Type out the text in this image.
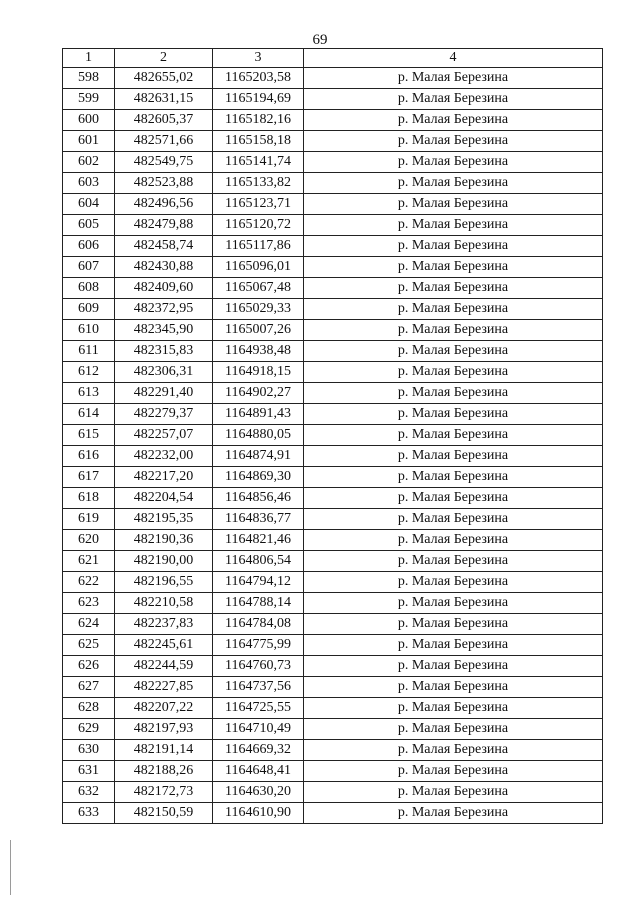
69
1	2	3	4
598	482655,02	1165203,58	р. Малая Березина
599	482631,15	1165194,69	р. Малая Березина
600	482605,37	1165182,16	р. Малая Березина
601	482571,66	1165158,18	р. Малая Березина
602	482549,75	1165141,74	р. Малая Березина
603	482523,88	1165133,82	р. Малая Березина
604	482496,56	1165123,71	р. Малая Березина
605	482479,88	1165120,72	р. Малая Березина
606	482458,74	1165117,86	р. Малая Березина
607	482430,88	1165096,01	р. Малая Березина
608	482409,60	1165067,48	р. Малая Березина
609	482372,95	1165029,33	р. Малая Березина
610	482345,90	1165007,26	р. Малая Березина
611	482315,83	1164938,48	р. Малая Березина
612	482306,31	1164918,15	р. Малая Березина
613	482291,40	1164902,27	р. Малая Березина
614	482279,37	1164891,43	р. Малая Березина
615	482257,07	1164880,05	р. Малая Березина
616	482232,00	1164874,91	р. Малая Березина
617	482217,20	1164869,30	р. Малая Березина
618	482204,54	1164856,46	р. Малая Березина
619	482195,35	1164836,77	р. Малая Березина
620	482190,36	1164821,46	р. Малая Березина
621	482190,00	1164806,54	р. Малая Березина
622	482196,55	1164794,12	р. Малая Березина
623	482210,58	1164788,14	р. Малая Березина
624	482237,83	1164784,08	р. Малая Березина
625	482245,61	1164775,99	р. Малая Березина
626	482244,59	1164760,73	р. Малая Березина
627	482227,85	1164737,56	р. Малая Березина
628	482207,22	1164725,55	р. Малая Березина
629	482197,93	1164710,49	р. Малая Березина
630	482191,14	1164669,32	р. Малая Березина
631	482188,26	1164648,41	р. Малая Березина
632	482172,73	1164630,20	р. Малая Березина
633	482150,59	1164610,90	р. Малая Березина
